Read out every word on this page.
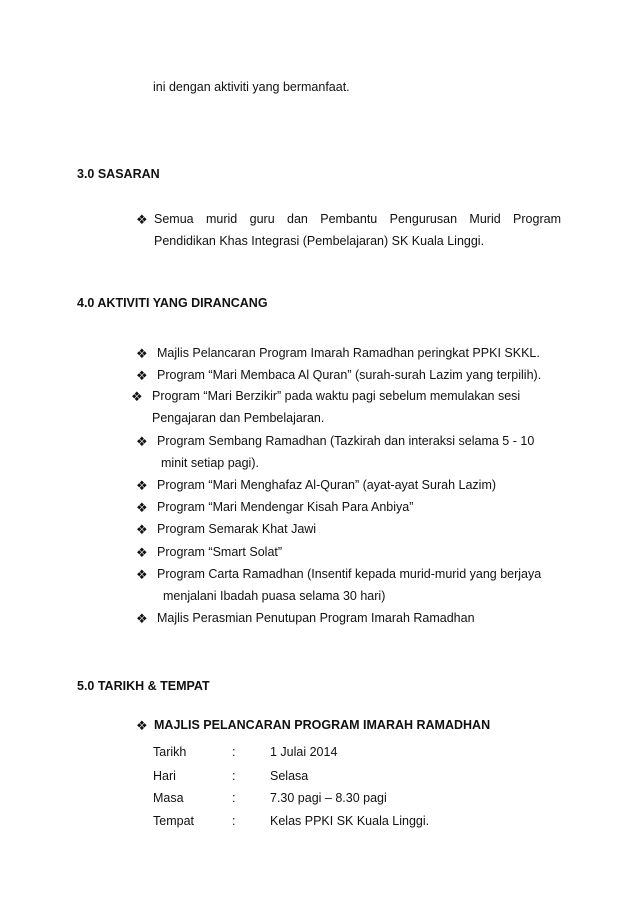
ini dengan aktiviti yang bermanfaat.
3.0 SASARAN
❖ Semua murid guru dan Pembantu Pengurusan Murid Program
Pendidikan Khas Integrasi (Pembelajaran) SK Kuala Linggi.
4.0 AKTIVITI YANG DIRANCANG
❖ Majlis Pelancaran Program Imarah Ramadhan peringkat PPKI SKKL.
❖ Program “Mari Membaca Al Quran” (surah-surah Lazim yang terpilih).
❖ Program “Mari Berzikir” pada waktu pagi sebelum memulakan sesi
Pengajaran dan Pembelajaran.
❖ Program Sembang Ramadhan (Tazkirah dan interaksi selama 5 - 10
minit setiap pagi).
❖ Program “Mari Menghafaz Al-Quran” (ayat-ayat Surah Lazim)
❖ Program “Mari Mendengar Kisah Para Anbiya”
❖ Program Semarak Khat Jawi
❖ Program “Smart Solat”
❖ Program Carta Ramadhan (Insentif kepada murid-murid yang berjaya
menjalani Ibadah puasa selama 30 hari)
❖ Majlis Perasmian Penutupan Program Imarah Ramadhan
5.0 TARIKH & TEMPAT
❖ MAJLIS PELANCARAN PROGRAM IMARAH RAMADHAN
Tarikh	:	1 Julai 2014
Hari	:	Selasa
Masa	:	7.30 pagi – 8.30 pagi
Tempat	:	Kelas PPKI SK Kuala Linggi.
